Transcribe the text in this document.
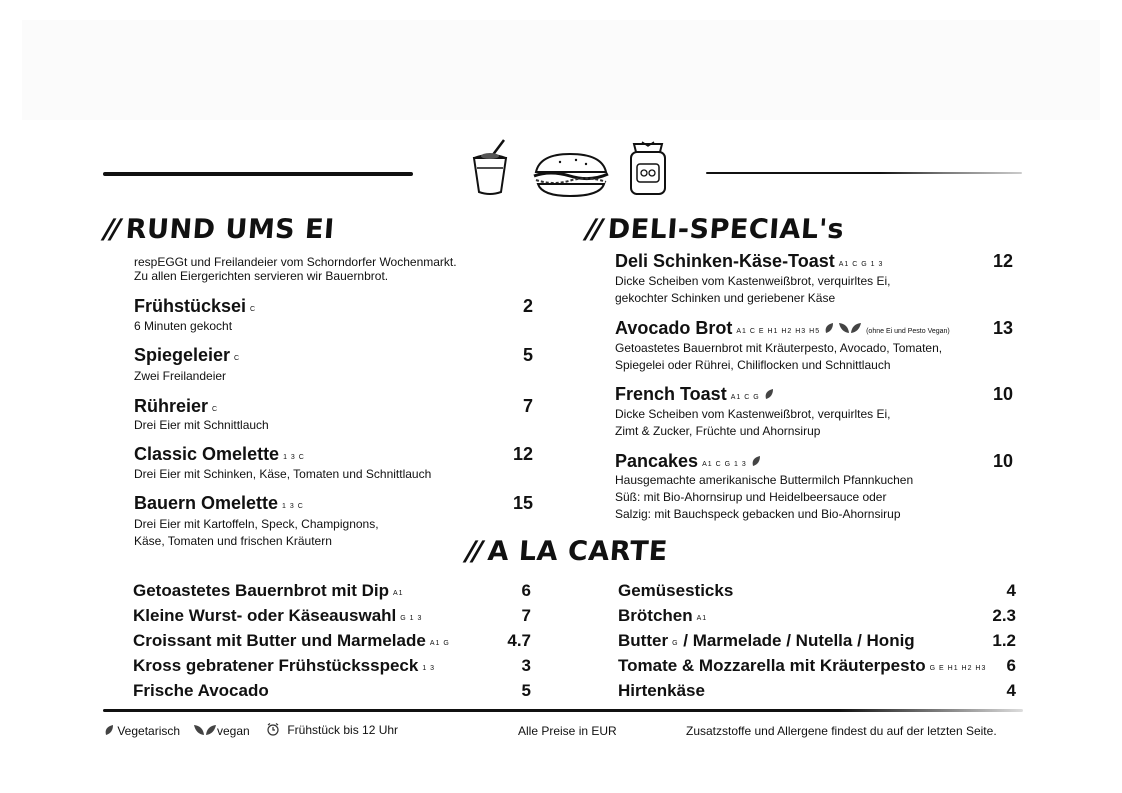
// RUND UMS EI
respEGGt und Freilandeier vom Schorndorfer Wochenmarkt.
Zu allen Eiergerichten servieren wir Bauernbrot.
Frühstücksei C
6 Minuten gekocht
2
Spiegeleier C
Zwei Freilandeier
5
Rühreier C
Drei Eier mit Schnittlauch
7
Classic Omelette 1 3 C
Drei Eier mit Schinken, Käse, Tomaten und Schnittlauch
12
Bauern Omelette 1 3 C
Drei Eier mit Kartoffeln, Speck, Champignons,
Käse, Tomaten und frischen Kräutern
15
// DELI-SPECIAL's
Deli Schinken-Käse-Toast A1 C G 1 3
Dicke Scheiben vom Kastenweißbrot, verquirltes Ei,
gekochter Schinken und geriebener Käse
12
Avocado Brot A1 C E H1 H2 H3 H5	(ohne Ei und Pesto Vegan)
Getoastetes Bauernbrot mit Kräuterpesto, Avocado, Tomaten,
Spiegelei oder Rührei, Chiliflocken und Schnittlauch
13
French Toast A1 C G
Dicke Scheiben vom Kastenweißbrot, verquirltes Ei,
Zimt & Zucker, Früchte und Ahornsirup
10
Pancakes A1 C G 1 3
Hausgemachte amerikanische Buttermilch Pfannkuchen
Süß: mit Bio-Ahornsirup und Heidelbeersauce oder
Salzig: mit Bauchspeck gebacken und Bio-Ahornsirup
10
// A LA CARTE
Getoastetes Bauernbrot mit Dip A1	6
Kleine Wurst- oder Käseauswahl G 1 3	7
Croissant mit Butter und Marmelade A1 G	4.7
Kross gebratener Frühstücksspeck 1 3	3
Frische Avocado	5
Gemüsesticks	4
Brötchen A1	2.3
Butter G / Marmelade / Nutella / Honig	1.2
Tomate & Mozzarella mit Kräuterpesto G E H1 H2 H3	6
Hirtenkäse	4
Vegetarisch	vegan	Frühstück bis 12 Uhr	Alle Preise in EUR	Zusatzstoffe und Allergene findest du auf der letzten Seite.
